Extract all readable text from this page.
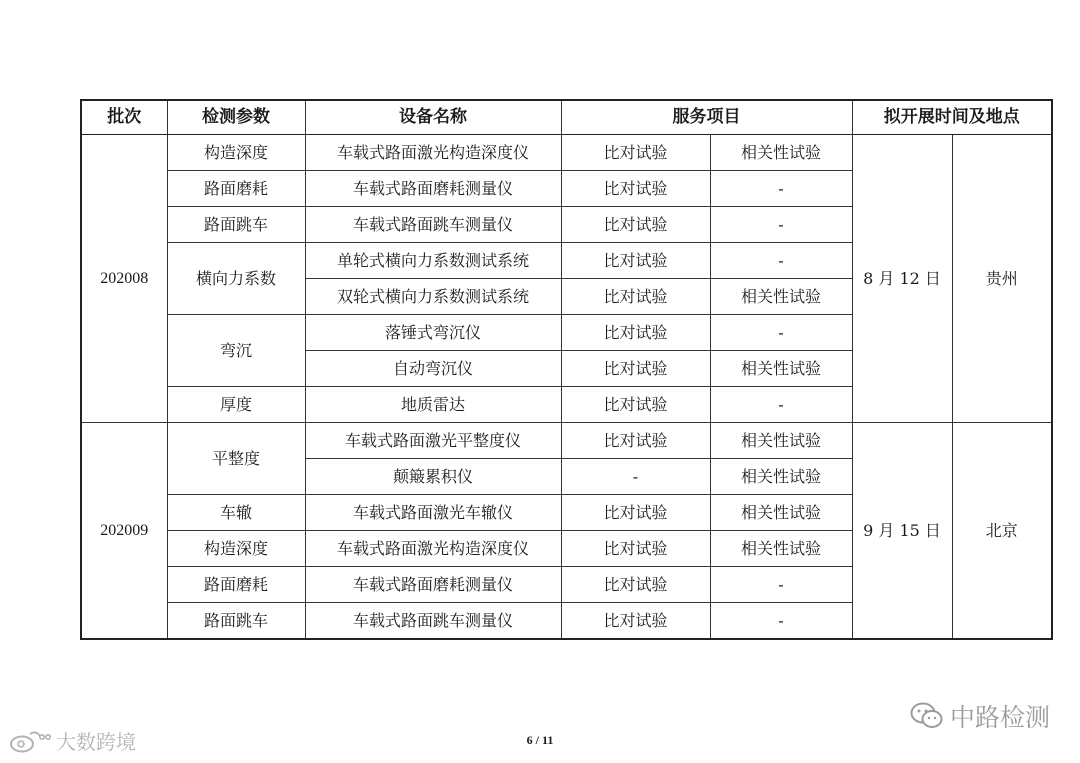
批次	检测参数	设备名称	服务项目		拟开展时间及地点	
202008	构造深度	车载式路面激光构造深度仪	比对试验	相关性试验	8 月 12 日	贵州
	路面磨耗	车载式路面磨耗测量仪	比对试验	-		
	路面跳车	车载式路面跳车测量仪	比对试验	-		
	横向力系数	单轮式横向力系数测试系统	比对试验	-		
		双轮式横向力系数测试系统	比对试验	相关性试验		
	弯沉	落锤式弯沉仪	比对试验	-		
		自动弯沉仪	比对试验	相关性试验		
	厚度	地质雷达	比对试验	-		
202009	平整度	车载式路面激光平整度仪	比对试验	相关性试验	9 月 15 日	北京
		颠簸累积仪	-	相关性试验		
	车辙	车载式路面激光车辙仪	比对试验	相关性试验		
	构造深度	车载式路面激光构造深度仪	比对试验	相关性试验		
	路面磨耗	车载式路面磨耗测量仪	比对试验	-		
	路面跳车	车载式路面跳车测量仪	比对试验	-		
6 / 11
中路检测
大数跨境
